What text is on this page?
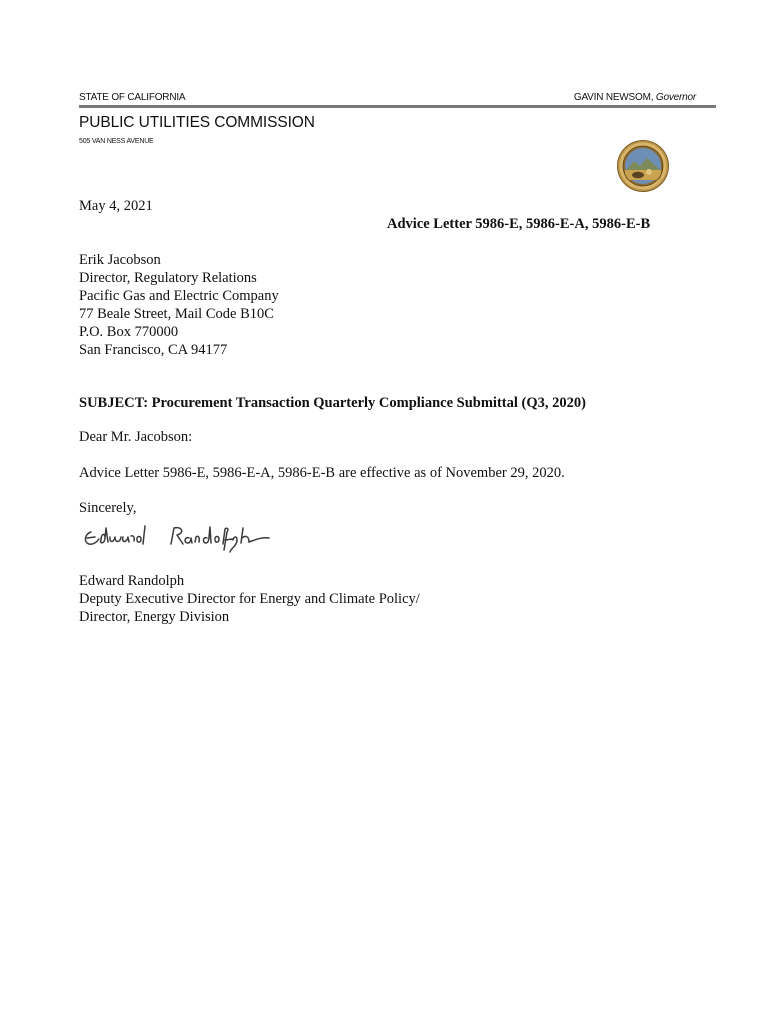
STATE OF CALIFORNIA	GAVIN NEWSOM, Governor
PUBLIC UTILITIES COMMISSION
505 VAN NESS AVENUE
May 4, 2021
Advice Letter 5986-E, 5986-E-A, 5986-E-B
Erik Jacobson
Director, Regulatory Relations
Pacific Gas and Electric Company
77 Beale Street, Mail Code B10C
P.O. Box 770000
San Francisco, CA 94177
SUBJECT: Procurement Transaction Quarterly Compliance Submittal (Q3, 2020)
Dear Mr. Jacobson:
Advice Letter 5986-E, 5986-E-A, 5986-E-B are effective as of November 29, 2020.
Sincerely,
Edward Randolph
Deputy Executive Director for Energy and Climate Policy/
Director, Energy Division
